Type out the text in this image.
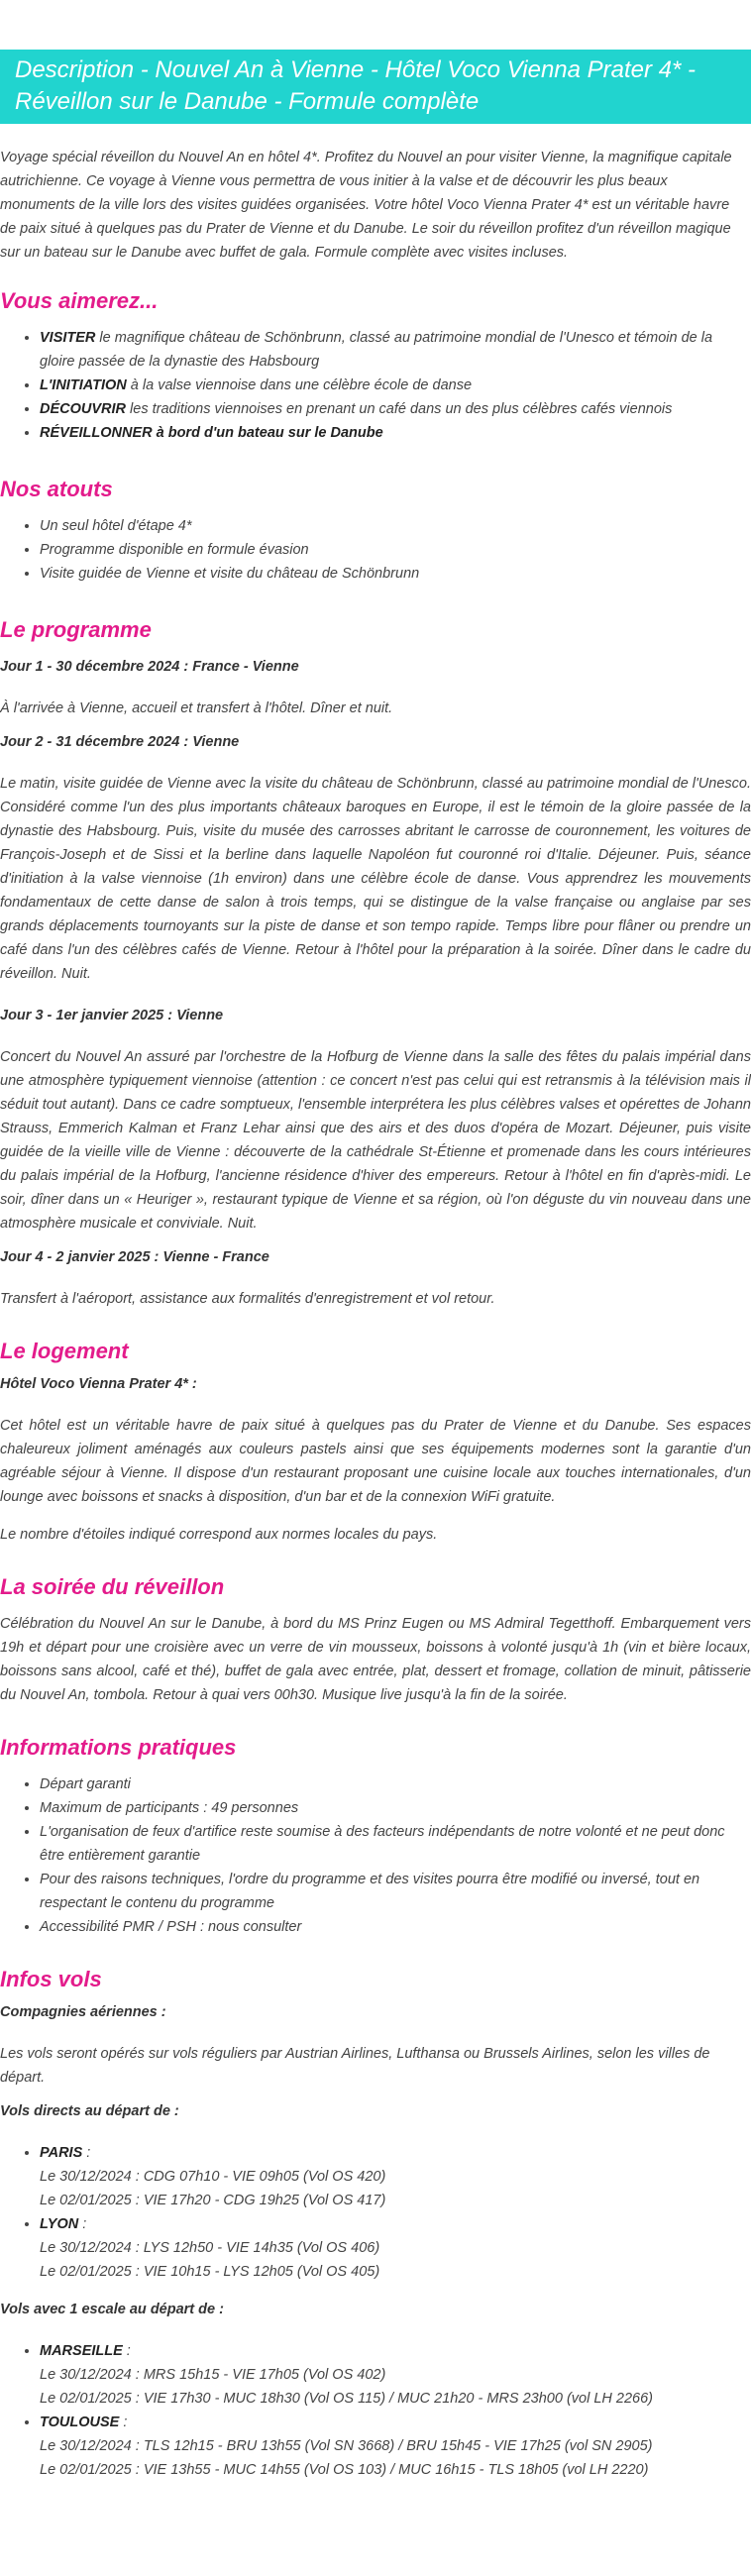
Description - Nouvel An à Vienne - Hôtel Voco Vienna Prater 4* - Réveillon sur le Danube - Formule complète

Voyage spécial réveillon du Nouvel An en hôtel 4*. Profitez du Nouvel an pour visiter Vienne, la magnifique capitale autrichienne. Ce voyage à Vienne vous permettra de vous initier à la valse et de découvrir les plus beaux monuments de la ville lors des visites guidées organisées. Votre hôtel Voco Vienna Prater 4* est un véritable havre de paix situé à quelques pas du Prater de Vienne et du Danube. Le soir du réveillon profitez d'un réveillon magique sur un bateau sur le Danube avec buffet de gala. Formule complète avec visites incluses.

Vous aimerez...
• VISITER le magnifique château de Schönbrunn, classé au patrimoine mondial de l'Unesco et témoin de la gloire passée de la dynastie des Habsbourg
• L'INITIATION à la valse viennoise dans une célèbre école de danse
• DÉCOUVRIR les traditions viennoises en prenant un café dans un des plus célèbres cafés viennois
• RÉVEILLONNER à bord d'un bateau sur le Danube
Nos atouts
• Un seul hôtel d'étape 4*
• Programme disponible en formule évasion
• Visite guidée de Vienne et visite du château de Schönbrunn
Le programme
Jour 1 - 30 décembre 2024 : France - Vienne

À l'arrivée à Vienne, accueil et transfert à l'hôtel. Dîner et nuit.

Jour 2 - 31 décembre 2024 : Vienne

Le matin, visite guidée de Vienne avec la visite du château de Schönbrunn, classé au patrimoine mondial de l'Unesco. Considéré comme l'un des plus importants châteaux baroques en Europe, il est le témoin de la gloire passée de la dynastie des Habsbourg. Puis, visite du musée des carrosses abritant le carrosse de couronnement, les voitures de François-Joseph et de Sissi et la berline dans laquelle Napoléon fut couronné roi d'Italie. Déjeuner. Puis, séance d'initiation à la valse viennoise (1h environ) dans une célèbre école de danse. Vous apprendrez les mouvements fondamentaux de cette danse de salon à trois temps, qui se distingue de la valse française ou anglaise par ses grands déplacements tournoyants sur la piste de danse et son tempo rapide. Temps libre pour flâner ou prendre un café dans l'un des célèbres cafés de Vienne. Retour à l'hôtel pour la préparation à la soirée. Dîner dans le cadre du réveillon. Nuit.

Jour 3 - 1er janvier 2025 : Vienne

Concert du Nouvel An assuré par l'orchestre de la Hofburg de Vienne dans la salle des fêtes du palais impérial dans une atmosphère typiquement viennoise (attention : ce concert n'est pas celui qui est retransmis à la télévision mais il séduit tout autant). Dans ce cadre somptueux, l'ensemble interprétera les plus célèbres valses et opérettes de Johann Strauss, Emmerich Kalman et Franz Lehar ainsi que des airs et des duos d'opéra de Mozart. Déjeuner, puis visite guidée de la vieille ville de Vienne : découverte de la cathédrale St-Étienne et promenade dans les cours intérieures du palais impérial de la Hofburg, l'ancienne résidence d'hiver des empereurs. Retour à l'hôtel en fin d'après-midi. Le soir, dîner dans un « Heuriger », restaurant typique de Vienne et sa région, où l'on déguste du vin nouveau dans une atmosphère musicale et conviviale. Nuit.

Jour 4 - 2 janvier 2025 : Vienne - France

Transfert à l'aéroport, assistance aux formalités d'enregistrement et vol retour.

Le logement
Hôtel Voco Vienna Prater 4* :

Cet hôtel est un véritable havre de paix situé à quelques pas du Prater de Vienne et du Danube. Ses espaces chaleureux joliment aménagés aux couleurs pastels ainsi que ses équipements modernes sont la garantie d'un agréable séjour à Vienne. Il dispose d'un restaurant proposant une cuisine locale aux touches internationales, d'un lounge avec boissons et snacks à disposition, d'un bar et de la connexion WiFi gratuite.

Le nombre d'étoiles indiqué correspond aux normes locales du pays.

La soirée du réveillon

Célébration du Nouvel An sur le Danube, à bord du MS Prinz Eugen ou MS Admiral Tegetthoff. Embarquement vers 19h et départ pour une croisière avec un verre de vin mousseux, boissons à volonté jusqu'à 1h (vin et bière locaux, boissons sans alcool, café et thé), buffet de gala avec entrée, plat, dessert et fromage, collation de minuit, pâtisserie du Nouvel An, tombola. Retour à quai vers 00h30. Musique live jusqu'à la fin de la soirée.

Informations pratiques
• Départ garanti
• Maximum de participants : 49 personnes
• L'organisation de feux d'artifice reste soumise à des facteurs indépendants de notre volonté et ne peut donc être entièrement garantie
• Pour des raisons techniques, l'ordre du programme et des visites pourra être modifié ou inversé, tout en respectant le contenu du programme
• Accessibilité PMR / PSH : nous consulter
Infos vols
Compagnies aériennes :

Les vols seront opérés sur vols réguliers par Austrian Airlines, Lufthansa ou Brussels Airlines, selon les villes de départ.

Vols directs au départ de :
• PARIS :
Le 30/12/2024 : CDG 07h10 - VIE 09h05 (Vol OS 420)
Le 02/01/2025 : VIE 17h20 - CDG 19h25 (Vol OS 417)
• LYON :
Le 30/12/2024 : LYS 12h50 - VIE 14h35 (Vol OS 406)
Le 02/01/2025 : VIE 10h15 - LYS 12h05 (Vol OS 405)
Vols avec 1 escale au départ de :
• MARSEILLE :
Le 30/12/2024 : MRS 15h15 - VIE 17h05 (Vol OS 402)
Le 02/01/2025 : VIE 17h30 - MUC 18h30 (Vol OS 115) / MUC 21h20 - MRS 23h00 (vol LH 2266)
• TOULOUSE :
Le 30/12/2024 : TLS 12h15 - BRU 13h55 (Vol SN 3668) / BRU 15h45 - VIE 17h25 (vol SN 2905)
Le 02/01/2025 : VIE 13h55 - MUC 14h55 (Vol OS 103) / MUC 16h15 - TLS 18h05 (vol LH 2220)
